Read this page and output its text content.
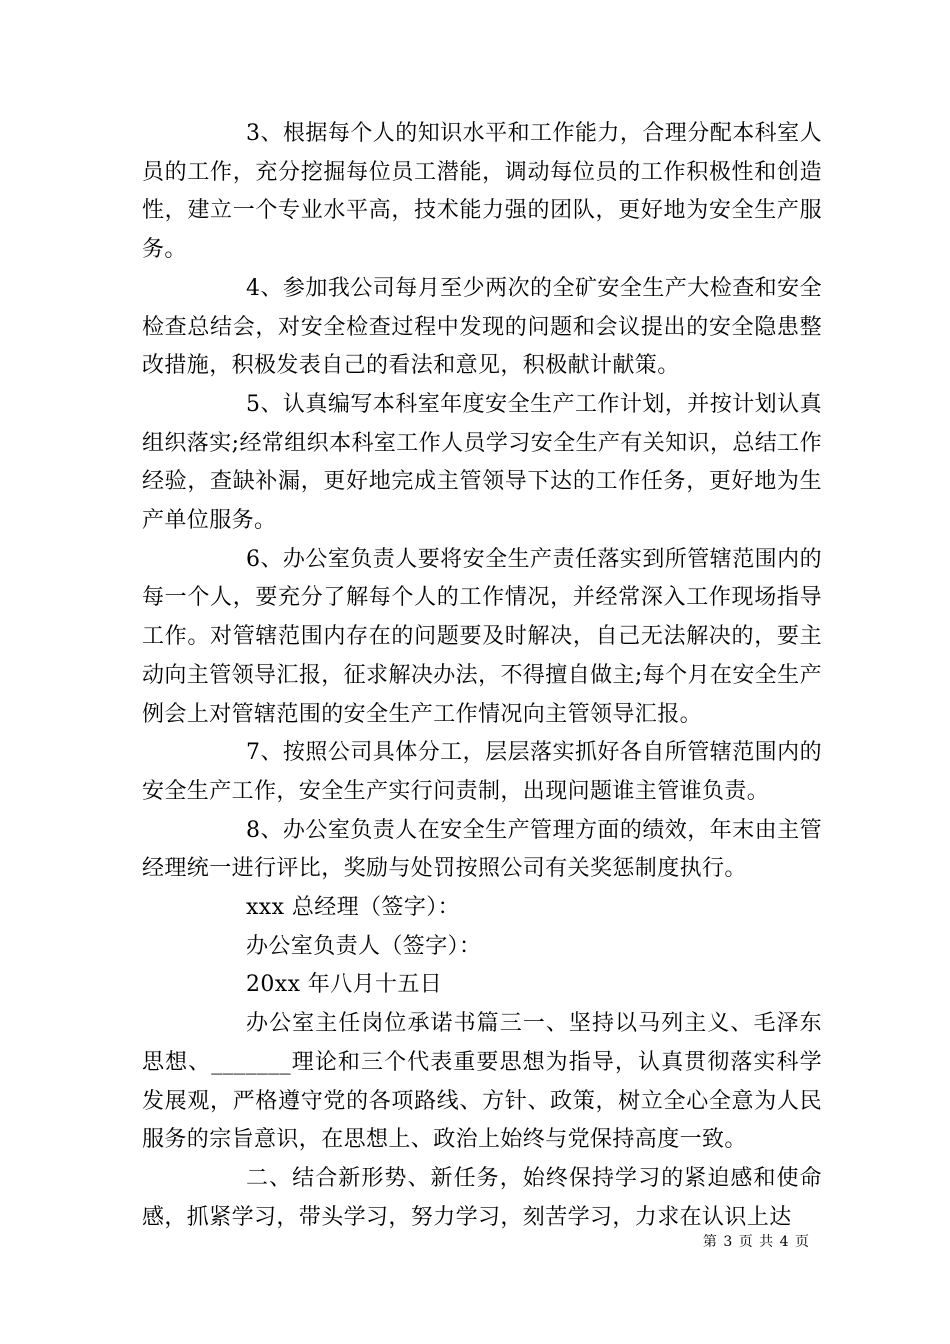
3、根据每个人的知识水平和工作能力，合理分配本科室人员的工作，充分挖掘每位员工潜能，调动每位员的工作积极性和创造性，建立一个专业水平高，技术能力强的团队，更好地为安全生产服务。

4、参加我公司每月至少两次的全矿安全生产大检查和安全检查总结会，对安全检查过程中发现的问题和会议提出的安全隐患整改措施，积极发表自己的看法和意见，积极献计献策。

5、认真编写本科室年度安全生产工作计划，并按计划认真组织落实;经常组织本科室工作人员学习安全生产有关知识，总结工作经验，查缺补漏，更好地完成主管领导下达的工作任务，更好地为生产单位服务。

6、办公室负责人要将安全生产责任落实到所管辖范围内的每一个人，要充分了解每个人的工作情况，并经常深入工作现场指导工作。对管辖范围内存在的问题要及时解决，自己无法解决的，要主动向主管领导汇报，征求解决办法，不得擅自做主;每个月在安全生产例会上对管辖范围的安全生产工作情况向主管领导汇报。

7、按照公司具体分工，层层落实抓好各自所管辖范围内的安全生产工作，安全生产实行问责制，出现问题谁主管谁负责。

8、办公室负责人在安全生产管理方面的绩效，年末由主管经理统一进行评比，奖励与处罚按照公司有关奖惩制度执行。

xxx 总经理（签字）：

办公室负责人（签字）：

20xx 年八月十五日

办公室主任岗位承诺书篇三一、坚持以马列主义、毛泽东思想、_______理论和三个代表重要思想为指导，认真贯彻落实科学发展观，严格遵守党的各项路线、方针、政策，树立全心全意为人民服务的宗旨意识，在思想上、政治上始终与党保持高度一致。

二、结合新形势、新任务，始终保持学习的紧迫感和使命感，抓紧学习，带头学习，努力学习，刻苦学习，力求在认识上达

第 3 页 共 4 页
